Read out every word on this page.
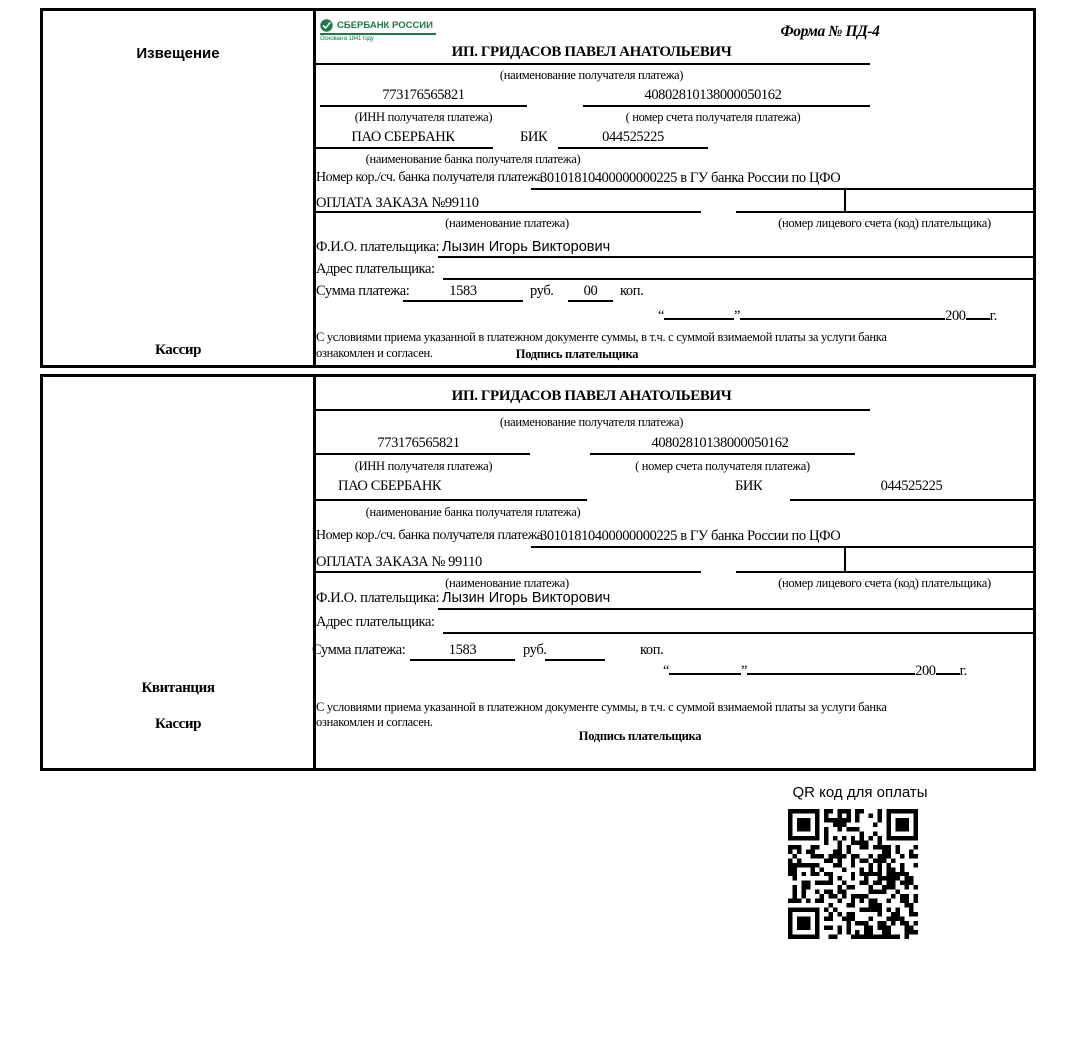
Извещение
Кассир
СБЕРБАНК РОССИИ
Основан в 1841 году	Форма № ПД-4
ИП. ГРИДАСОВ ПАВЕЛ АНАТОЛЬЕВИЧ
(наименование получателя платежа)
773176565821	40802810138000050162
(ИНН получателя платежа)	( номер счета получателя платежа)
ПАО СБЕРБАНК	БИК	044525225
(наименование банка получателя платежа)
Номер кор./сч. банка получателя платежа
30101810400000000225 в ГУ банка России по ЦФО
ОПЛАТА ЗАКАЗА №99110
(наименование платежа)	(номер лицевого счета (код) плательщика)
Ф.И.О. плательщика: Лызин Игорь Викторович
Адрес плательщика:
Сумма платежа:	1583	руб.	00	коп.
“	”	200 г.
С условиями приема указанной в платежном документе суммы, в т.ч. с суммой взимаемой платы за услуги банка
ознакомлен и согласен.	Подпись плательщика
Квитанция
Кассир
ИП. ГРИДАСОВ ПАВЕЛ АНАТОЛЬЕВИЧ
(наименование получателя платежа)
773176565821	40802810138000050162
(ИНН получателя платежа)	( номер счета получателя платежа)
ПАО СБЕРБАНК	БИК	044525225
(наименование банка получателя платежа)
Номер кор./сч. банка получателя платежа
30101810400000000225 в ГУ банка России по ЦФО
ОПЛАТА ЗАКАЗА № 99110
(наименование платежа)	(номер лицевого счета (код) плательщика)
Ф.И.О. плательщика: Лызин Игорь Викторович
Адрес плательщика:
Сумма платежа:	1583	руб.	коп.
“	”	200 г.
С условиями приема указанной в платежном документе суммы, в т.ч. с суммой взимаемой платы за услуги банка
ознакомлен и согласен.
Подпись плательщика
QR код для оплаты
